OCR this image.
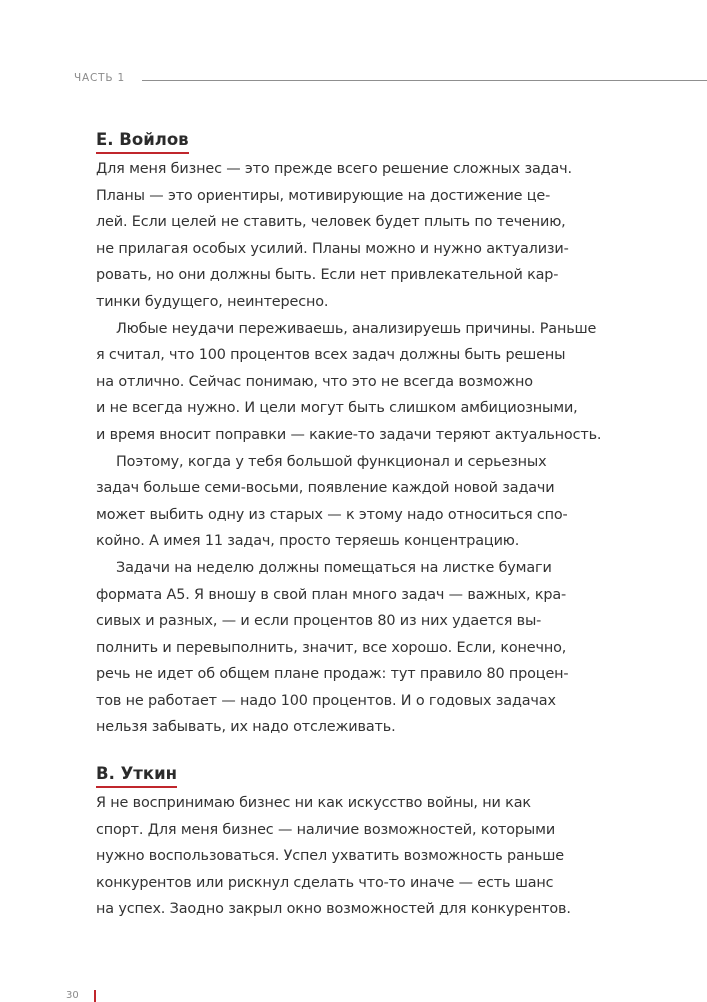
ЧАСТЬ 1
Е. Войлов

Для меня бизнес — это прежде всего решение сложных задач.
Планы — это ориентиры, мотивирующие на достижение це-
лей. Если целей не ставить, человек будет плыть по течению,
не прилагая особых усилий. Планы можно и нужно актуализи-
ровать, но они должны быть. Если нет привлекательной кар-
тинки будущего, неинтересно.

Любые неудачи переживаешь, анализируешь причины. Раньше
я считал, что 100 процентов всех задач должны быть решены
на отлично. Сейчас понимаю, что это не всегда возможно
и не всегда нужно. И цели могут быть слишком амбициозными,
и время вносит поправки — какие-то задачи теряют актуальность.

Поэтому, когда у тебя большой функционал и серьезных
задач больше семи-восьми, появление каждой новой задачи
может выбить одну из старых — к этому надо относиться спо-
койно. А имея 11 задач, просто теряешь концентрацию.

Задачи на неделю должны помещаться на листке бумаги
формата А5. Я вношу в свой план много задач — важных, кра-
сивых и разных, — и если процентов 80 из них удается вы-
полнить и перевыполнить, значит, все хорошо. Если, конечно,
речь не идет об общем плане продаж: тут правило 80 процен-
тов не работает — надо 100 процентов. И о годовых задачах
нельзя забывать, их надо отслеживать.

В. Уткин

Я не воспринимаю бизнес ни как искусство войны, ни как
спорт. Для меня бизнес — наличие возможностей, которыми
нужно воспользоваться. Успел ухватить возможность раньше
конкурентов или рискнул сделать что-то иначе — есть шанс
на успех. Заодно закрыл окно возможностей для конкурентов.

30
